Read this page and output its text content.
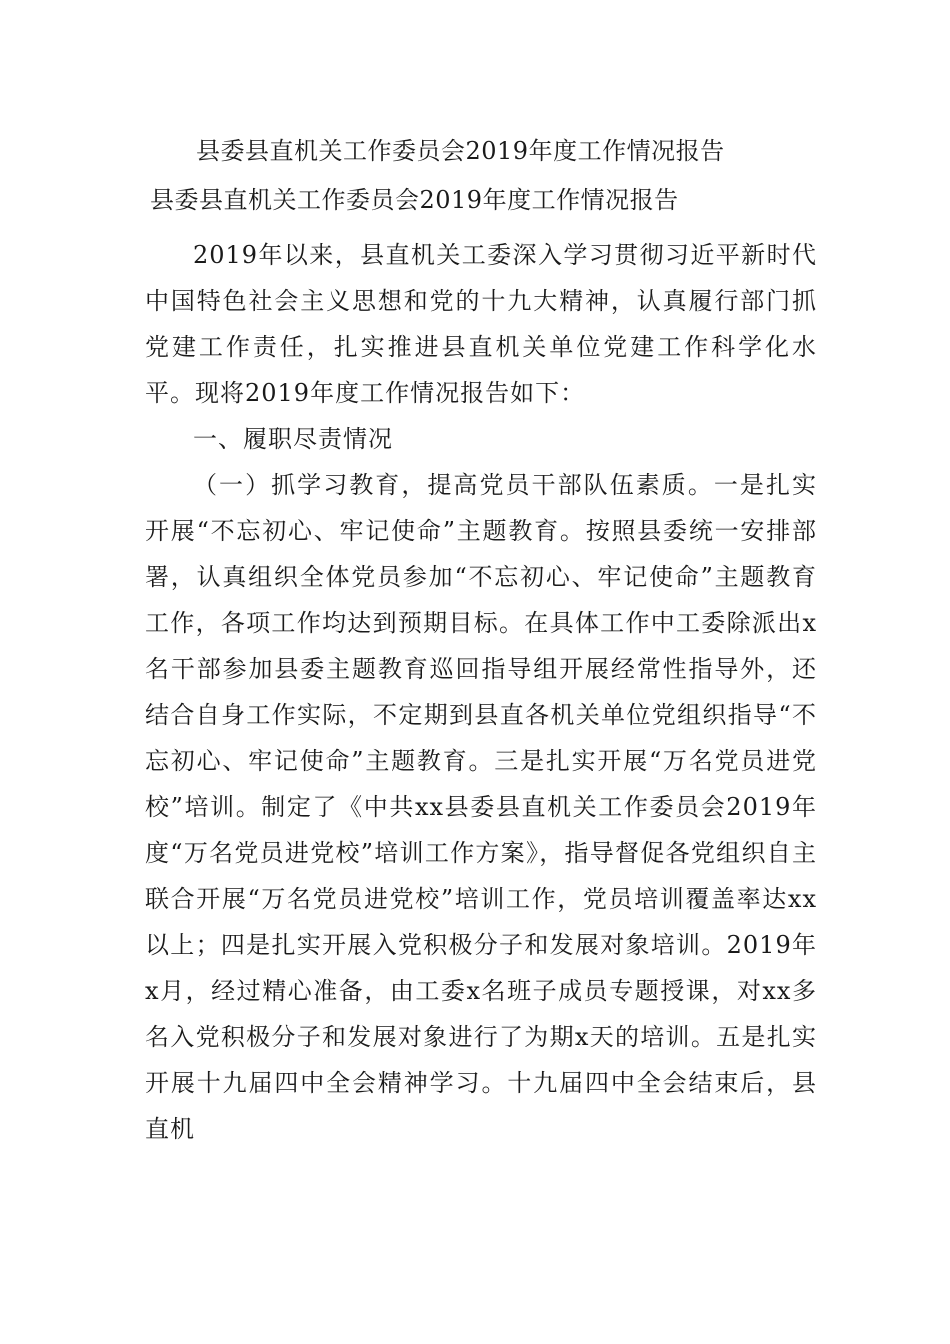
县委县直机关工作委员会2019年度工作情况报告
县委县直机关工作委员会2019年度工作情况报告

2019年以来，县直机关工委深入学习贯彻习近平新时代中国特色社会主义思想和党的十九大精神，认真履行部门抓党建工作责任，扎实推进县直机关单位党建工作科学化水平。现将2019年度工作情况报告如下：

一、履职尽责情况

（一）抓学习教育，提高党员干部队伍素质。一是扎实开展“不忘初心、牢记使命”主题教育。按照县委统一安排部署，认真组织全体党员参加“不忘初心、牢记使命”主题教育工作，各项工作均达到预期目标。在具体工作中工委除派出x名干部参加县委主题教育巡回指导组开展经常性指导外，还结合自身工作实际，不定期到县直各机关单位党组织指导“不忘初心、牢记使命”主题教育。三是扎实开展“万名党员进党校”培训。制定了《中共xx县委县直机关工作委员会2019年度“万名党员进党校”培训工作方案》，指导督促各党组织自主联合开展“万名党员进党校”培训工作，党员培训覆盖率达xx以上；四是扎实开展入党积极分子和发展对象培训。2019年x月，经过精心准备，由工委x名班子成员专题授课，对xx多名入党积极分子和发展对象进行了为期x天的培训。五是扎实开展十九届四中全会精神学习。十九届四中全会结束后，县直机
